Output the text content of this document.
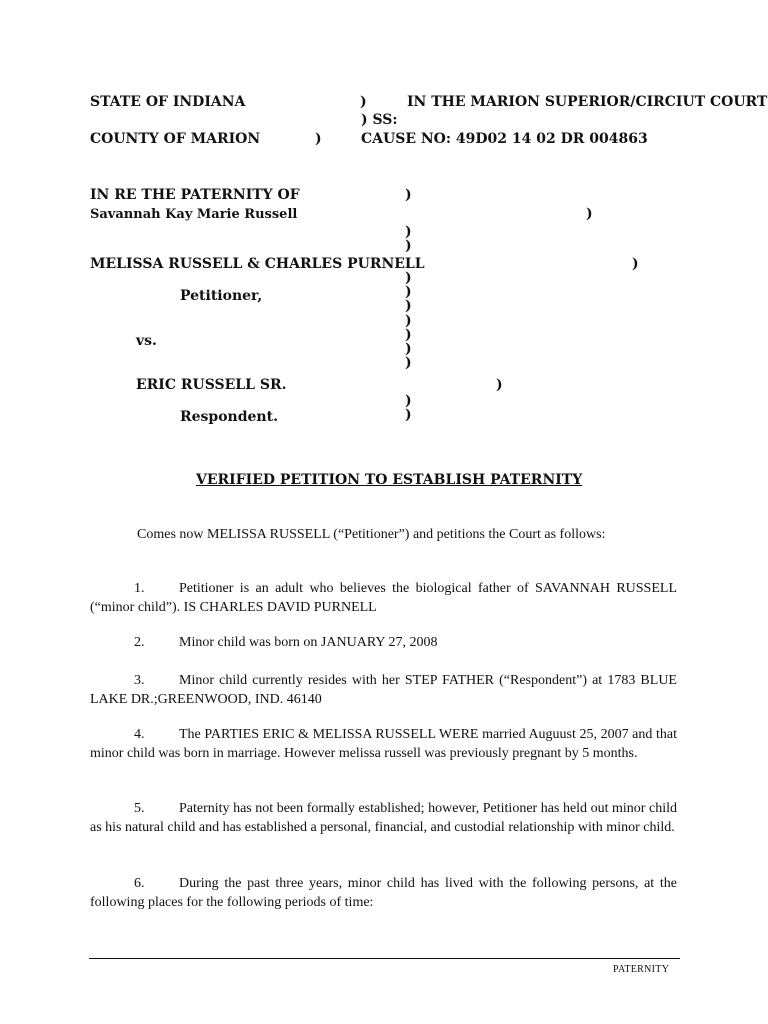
STATE OF INDIANA	)	IN THE MARION SUPERIOR/CIRCIUT COURT
) SS:
COUNTY OF MARION	)	CAUSE NO: 49D02 14 02 DR 004863
IN RE THE PATERNITY OF
Savannah Kay Marie Russell
MELISSA RUSSELL & CHARLES PURNELL
Petitioner,
vs.
ERIC RUSSELL SR.
Respondent.
)
)
)
)
)
)
)
)
)
)
)
)
)
)
)
VERIFIED PETITION TO ESTABLISH PATERNITY
Comes now MELISSA RUSSELL (“Petitioner”) and petitions the Court as follows:
1. Petitioner is an adult who believes the biological father of SAVANNAH RUSSELL (“minor child”). IS CHARLES DAVID PURNELL
2. Minor child was born on JANUARY 27, 2008
3. Minor child currently resides with her STEP FATHER (“Respondent”) at 1783 BLUE LAKE DR.;GREENWOOD, IND. 46140
4. The PARTIES ERIC & MELISSA RUSSELL WERE married Auguust 25, 2007 and that minor child was born in marriage. However melissa russell was previously pregnant by 5 months.
5. Paternity has not been formally established; however, Petitioner has held out minor child as his natural child and has established a personal, financial, and custodial relationship with minor child.
6. During the past three years, minor child has lived with the following persons, at the following places for the following periods of time:
PATERNITY
